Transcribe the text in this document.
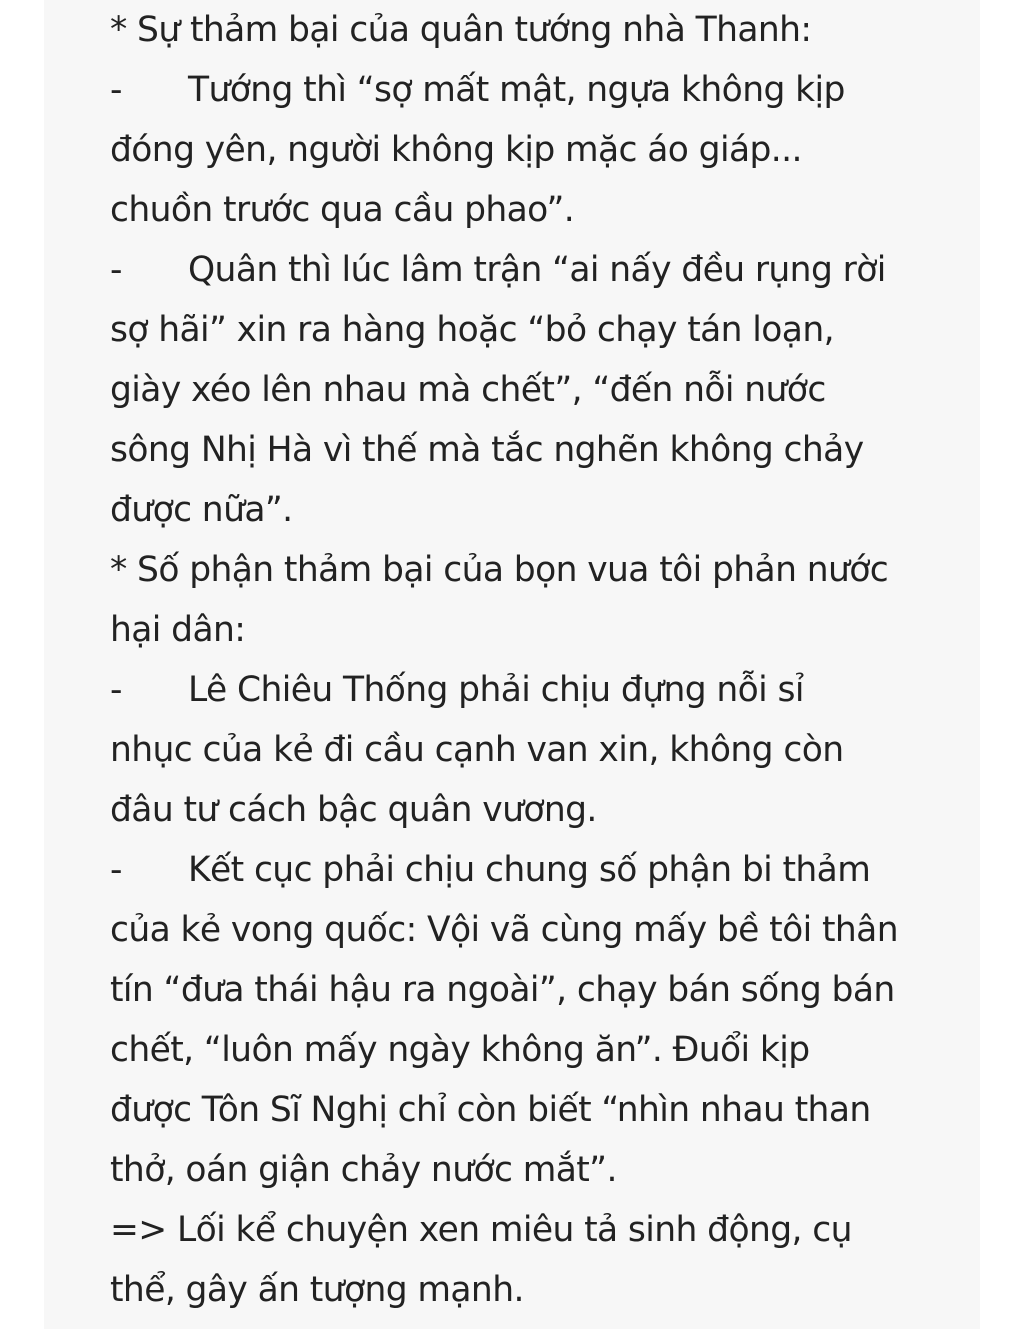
* Sự thảm bại của quân tướng nhà Thanh:
- Tướng thì “sợ mất mật, ngựa không kịp
đóng yên, người không kịp mặc áo giáp...
chuồn trước qua cầu phao”.
- Quân thì lúc lâm trận “ai nấy đều rụng rời
sợ hãi” xin ra hàng hoặc “bỏ chạy tán loạn,
giày xéo lên nhau mà chết”, “đến nỗi nước
sông Nhị Hà vì thế mà tắc nghẽn không chảy
được nữa”.
* Số phận thảm bại của bọn vua tôi phản nước
hại dân:
- Lê Chiêu Thống phải chịu đựng nỗi sỉ
nhục của kẻ đi cầu cạnh van xin, không còn
đâu tư cách bậc quân vương.
- Kết cục phải chịu chung số phận bi thảm
của kẻ vong quốc: Vội vã cùng mấy bề tôi thân
tín “đưa thái hậu ra ngoài”, chạy bán sống bán
chết, “luôn mấy ngày không ăn”. Đuổi kịp
được Tôn Sĩ Nghị chỉ còn biết “nhìn nhau than
thở, oán giận chảy nước mắt”.
=> Lối kể chuyện xen miêu tả sinh động, cụ
thể, gây ấn tượng mạnh.
